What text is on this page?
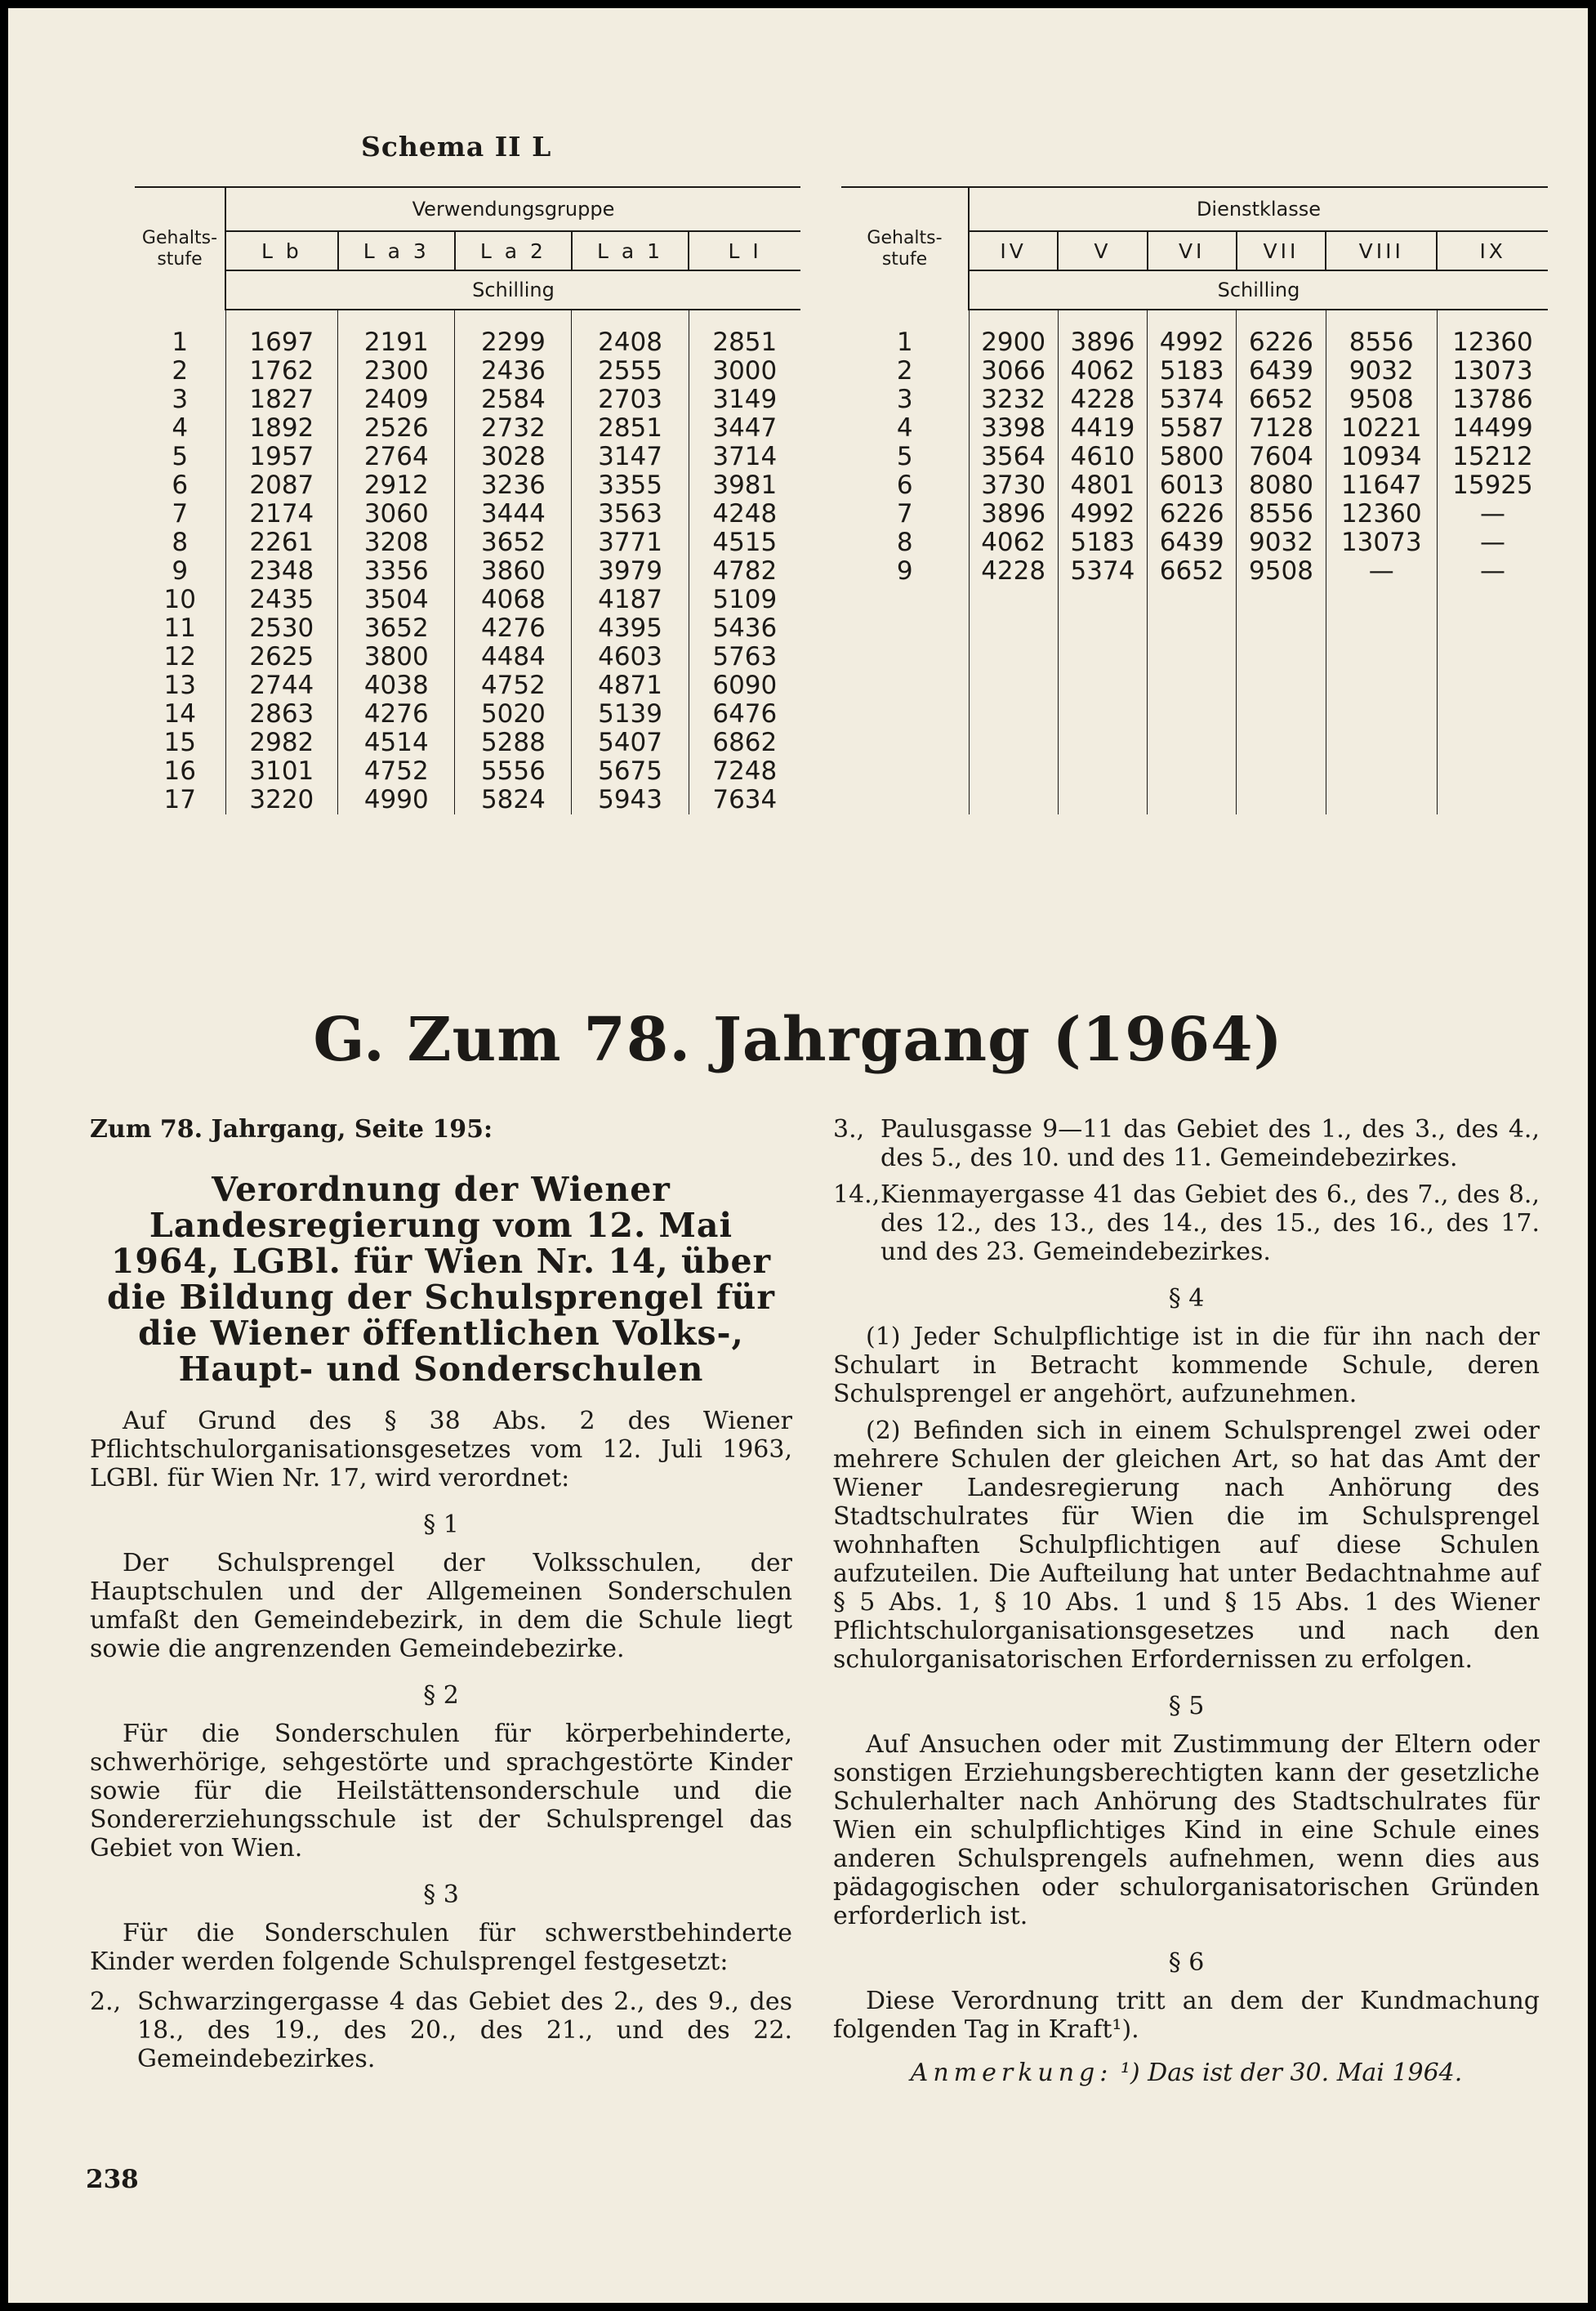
Schema II L

Gehalts-
stufe	Verwendungsgruppe				
	L b	L a 3	L a 2	L a 1	L I
	Schilling				

1	1697	2191	2299	2408	2851
2	1762	2300	2436	2555	3000
3	1827	2409	2584	2703	3149
4	1892	2526	2732	2851	3447
5	1957	2764	3028	3147	3714
6	2087	2912	3236	3355	3981
7	2174	3060	3444	3563	4248
8	2261	3208	3652	3771	4515
9	2348	3356	3860	3979	4782
10	2435	3504	4068	4187	5109
11	2530	3652	4276	4395	5436
12	2625	3800	4484	4603	5763
13	2744	4038	4752	4871	6090
14	2863	4276	5020	5139	6476
15	2982	4514	5288	5407	6862
16	3101	4752	5556	5675	7248
17	3220	4990	5824	5943	7634

Gehalts-
stufe	Dienstklasse					
	IV	V	VI	VII	VIII	IX
	Schilling					

1	2900	3896	4992	6226	8556	12360
2	3066	4062	5183	6439	9032	13073
3	3232	4228	5374	6652	9508	13786
4	3398	4419	5587	7128	10221	14499
5	3564	4610	5800	7604	10934	15212
6	3730	4801	6013	8080	11647	15925
7	3896	4992	6226	8556	12360	—
8	4062	5183	6439	9032	13073	—
9	4228	5374	6652	9508	—	—

G. Zum 78. Jahrgang (1964)

Zum 78. Jahrgang, Seite 195:

Verordnung der Wiener Landesregierung vom 12. Mai 1964, LGBl. für Wien Nr. 14, über die Bildung der Schulsprengel für die Wiener öffentlichen Volks-, Haupt- und Sonderschulen

Auf Grund des § 38 Abs. 2 des Wiener Pflichtschulorganisationsgesetzes vom 12. Juli 1963, LGBl. für Wien Nr. 17, wird verordnet:

§ 1

Der Schulsprengel der Volksschulen, der Hauptschulen und der Allgemeinen Sonderschulen umfaßt den Gemeindebezirk, in dem die Schule liegt sowie die angrenzenden Gemeindebezirke.

§ 2

Für die Sonderschulen für körperbehinderte, schwerhörige, sehgestörte und sprachgestörte Kinder sowie für die Heilstättensonderschule und die Sondererziehungsschule ist der Schulsprengel das Gebiet von Wien.

§ 3

Für die Sonderschulen für schwerstbehinderte Kinder werden folgende Schulsprengel festgesetzt:

2., Schwarzingergasse 4 das Gebiet des 2., des 9., des 18., des 19., des 20., des 21., und des 22. Gemeindebezirkes.
3., Paulusgasse 9—11 das Gebiet des 1., des 3., des 4., des 5., des 10. und des 11. Gemeindebezirkes.
14., Kienmayergasse 41 das Gebiet des 6., des 7., des 8., des 12., des 13., des 14., des 15., des 16., des 17. und des 23. Gemeindebezirkes.
§ 4

(1) Jeder Schulpflichtige ist in die für ihn nach der Schulart in Betracht kommende Schule, deren Schulsprengel er angehört, aufzunehmen.

(2) Befinden sich in einem Schulsprengel zwei oder mehrere Schulen der gleichen Art, so hat das Amt der Wiener Landesregierung nach Anhörung des Stadtschulrates für Wien die im Schulsprengel wohnhaften Schulpflichtigen auf diese Schulen aufzuteilen. Die Aufteilung hat unter Bedachtnahme auf § 5 Abs. 1, § 10 Abs. 1 und § 15 Abs. 1 des Wiener Pflichtschulorganisationsgesetzes und nach den schulorganisatorischen Erfordernissen zu erfolgen.

§ 5

Auf Ansuchen oder mit Zustimmung der Eltern oder sonstigen Erziehungsberechtigten kann der gesetzliche Schulerhalter nach Anhörung des Stadtschulrates für Wien ein schulpflichtiges Kind in eine Schule eines anderen Schulsprengels aufnehmen, wenn dies aus pädagogischen oder schulorganisatorischen Gründen erforderlich ist.

§ 6

Diese Verordnung tritt an dem der Kundmachung folgenden Tag in Kraft¹).

Anmerkung: ¹) Das ist der 30. Mai 1964.
238
